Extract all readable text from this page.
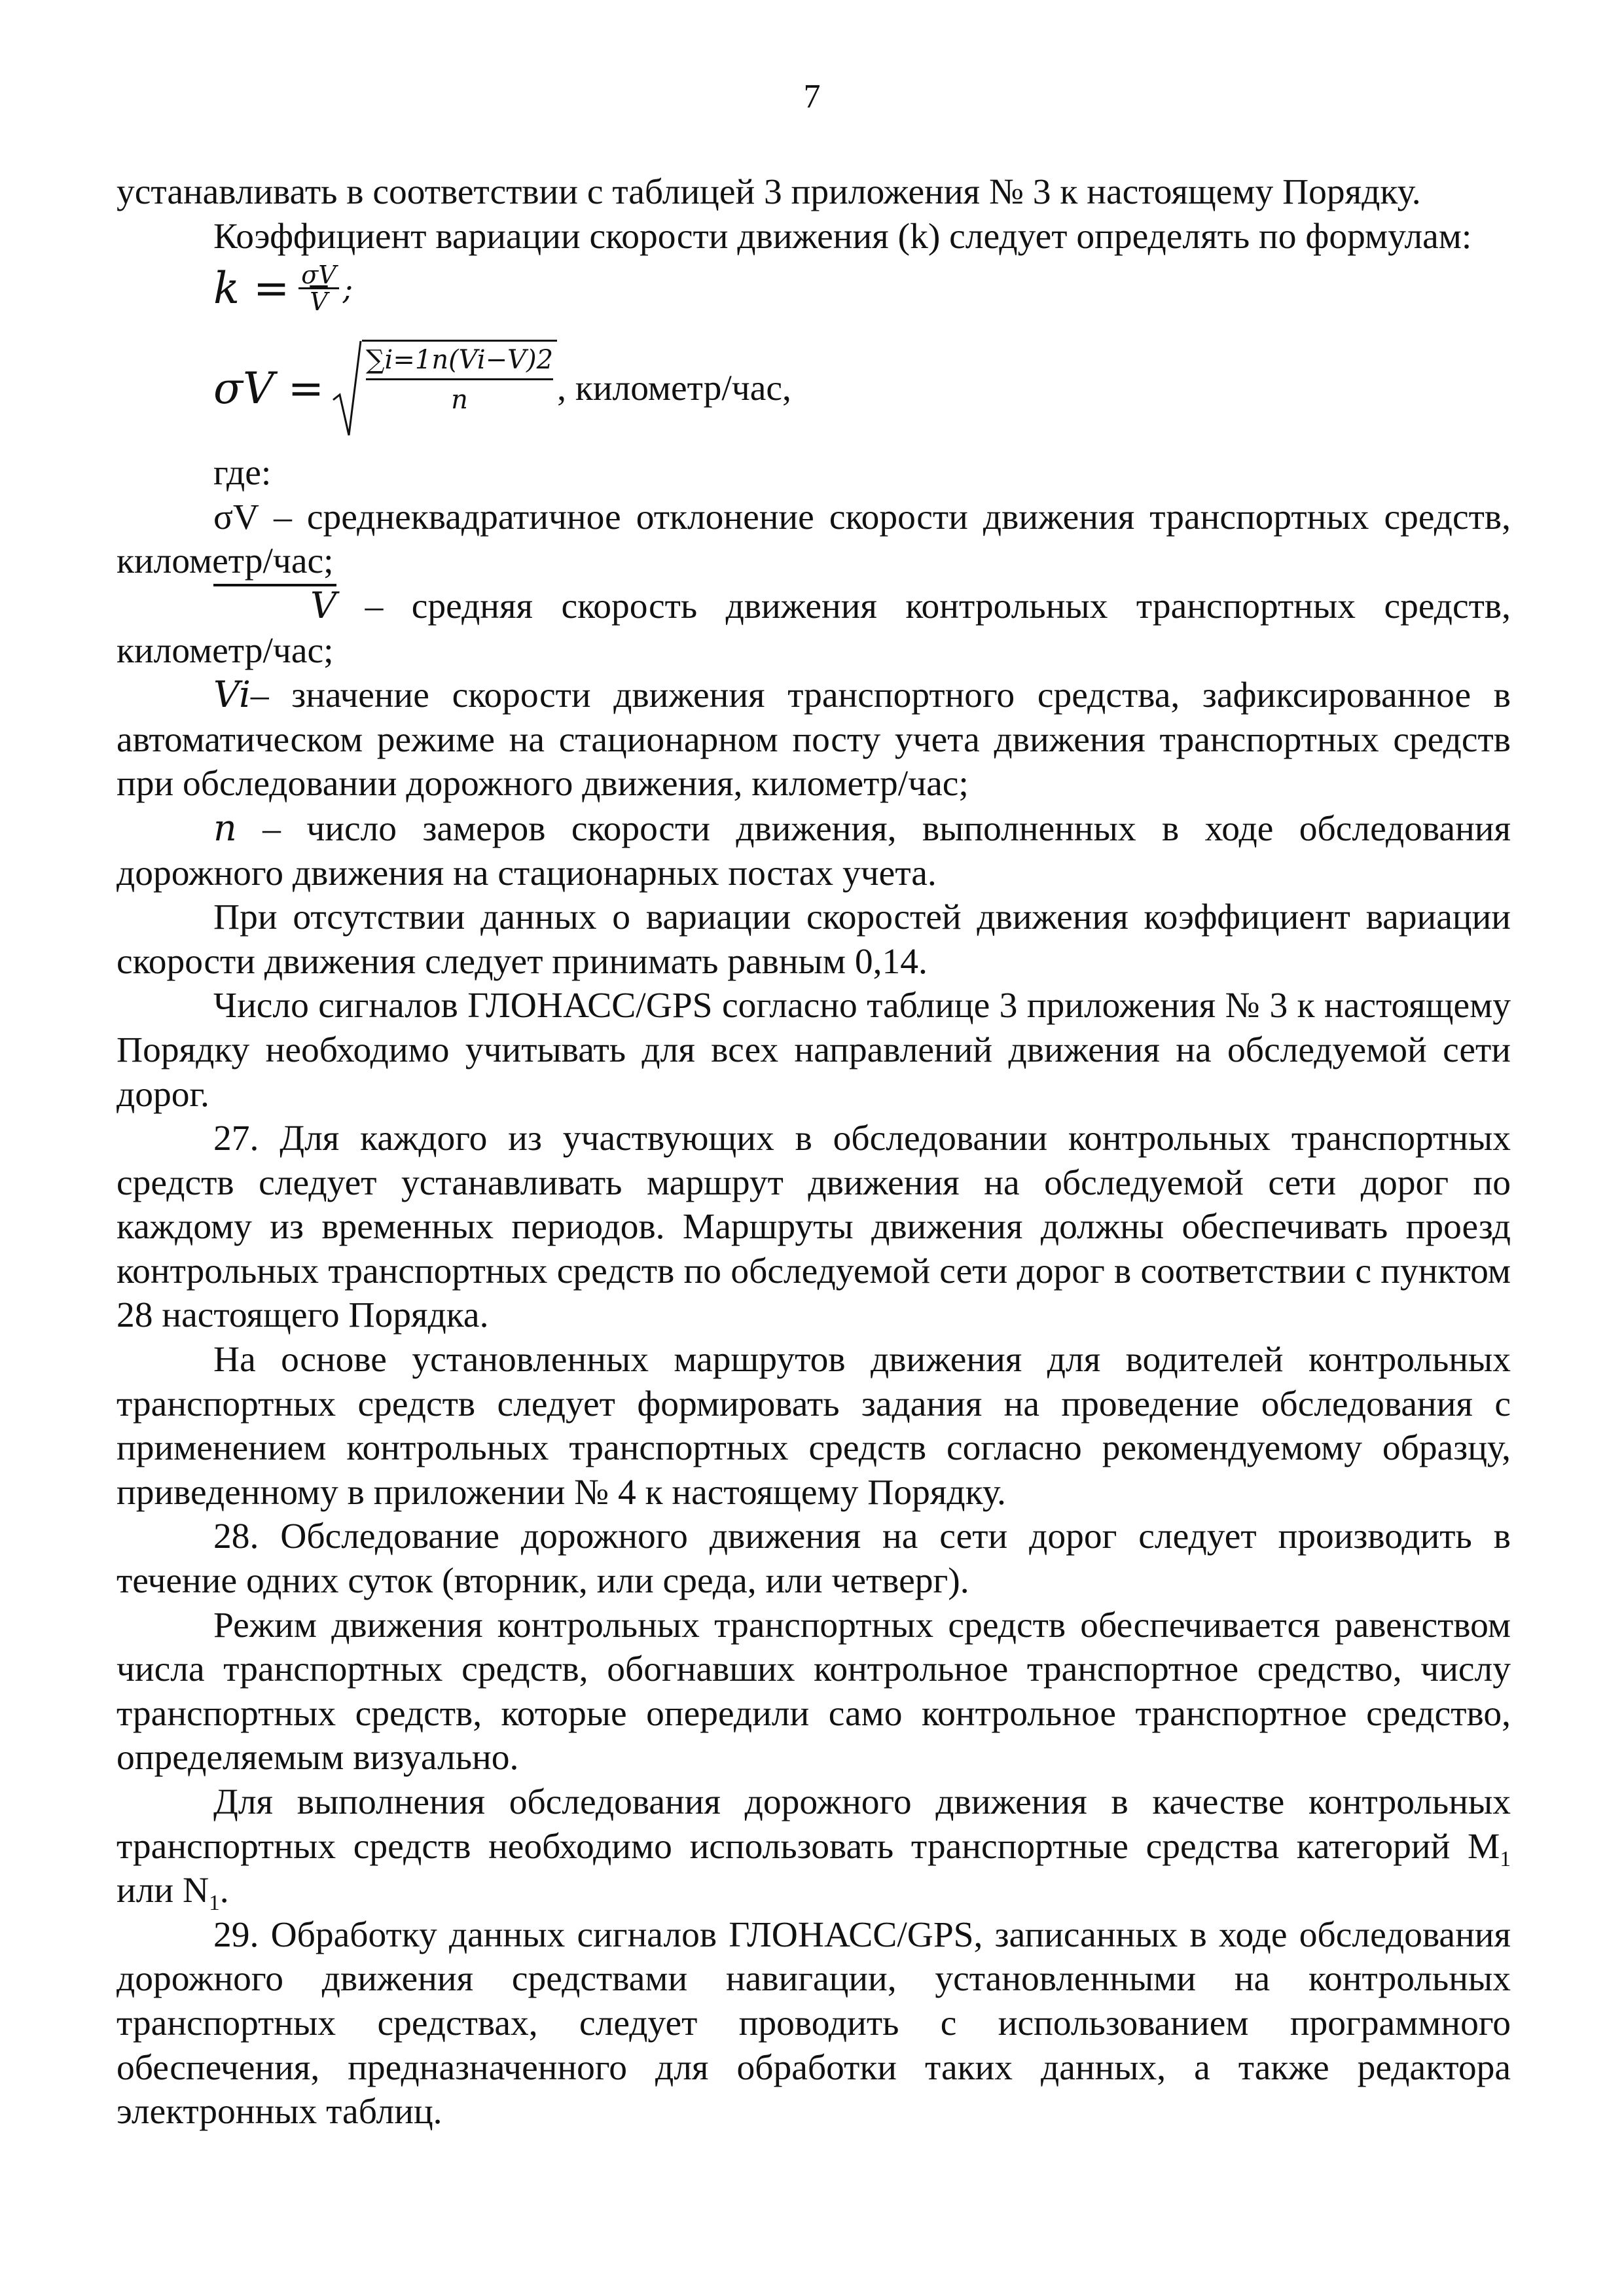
7

устанавливать в соответствии с таблицей 3 приложения № 3 к настоящему Порядку.

Коэффициент вариации скорости движения (k) следует определять по формулам:

$k = \frac{\sigma V}{V}$ ;
$\sigma V = \frac{\sum i=1n(Vi-V)2}{n}$ , километр/час,

где:

σV – среднеквадратичное отклонение скорости движения транспортных средств, километр/час;

V – средняя скорость движения контрольных транспортных средств, километр/час;

Vi– значение скорости движения транспортного средства, зафиксированное в автоматическом режиме на стационарном посту учета движения транспортных средств при обследовании дорожного движения, километр/час;

n – число замеров скорости движения, выполненных в ходе обследования дорожного движения на стационарных постах учета.

При отсутствии данных о вариации скоростей движения коэффициент вариации скорости движения следует принимать равным 0,14.

Число сигналов ГЛОНАСС/GPS согласно таблице 3 приложения № 3 к настоящему Порядку необходимо учитывать для всех направлений движения на обследуемой сети дорог.

27. Для каждого из участвующих в обследовании контрольных транспортных средств следует устанавливать маршрут движения на обследуемой сети дорог по каждому из временных периодов. Маршруты движения должны обеспечивать проезд контрольных транспортных средств по обследуемой сети дорог в соответствии с пунктом 28 настоящего Порядка.

На основе установленных маршрутов движения для водителей контрольных транспортных средств следует формировать задания на проведение обследования с применением контрольных транспортных средств согласно рекомендуемому образцу, приведенному в приложении № 4 к настоящему Порядку.

28. Обследование дорожного движения на сети дорог следует производить в течение одних суток (вторник, или среда, или четверг).

Режим движения контрольных транспортных средств обеспечивается равенством числа транспортных средств, обогнавших контрольное транспортное средство, числу транспортных средств, которые опередили само контрольное транспортное средство, определяемым визуально.

Для выполнения обследования дорожного движения в качестве контрольных транспортных средств необходимо использовать транспортные средства категорий $M_1$ или $N_1$.

29. Обработку данных сигналов ГЛОНАСС/GPS, записанных в ходе обследования дорожного движения средствами навигации, установленными на контрольных транспортных средствах, следует проводить с использованием программного обеспечения, предназначенного для обработки таких данных, а также редактора электронных таблиц.
